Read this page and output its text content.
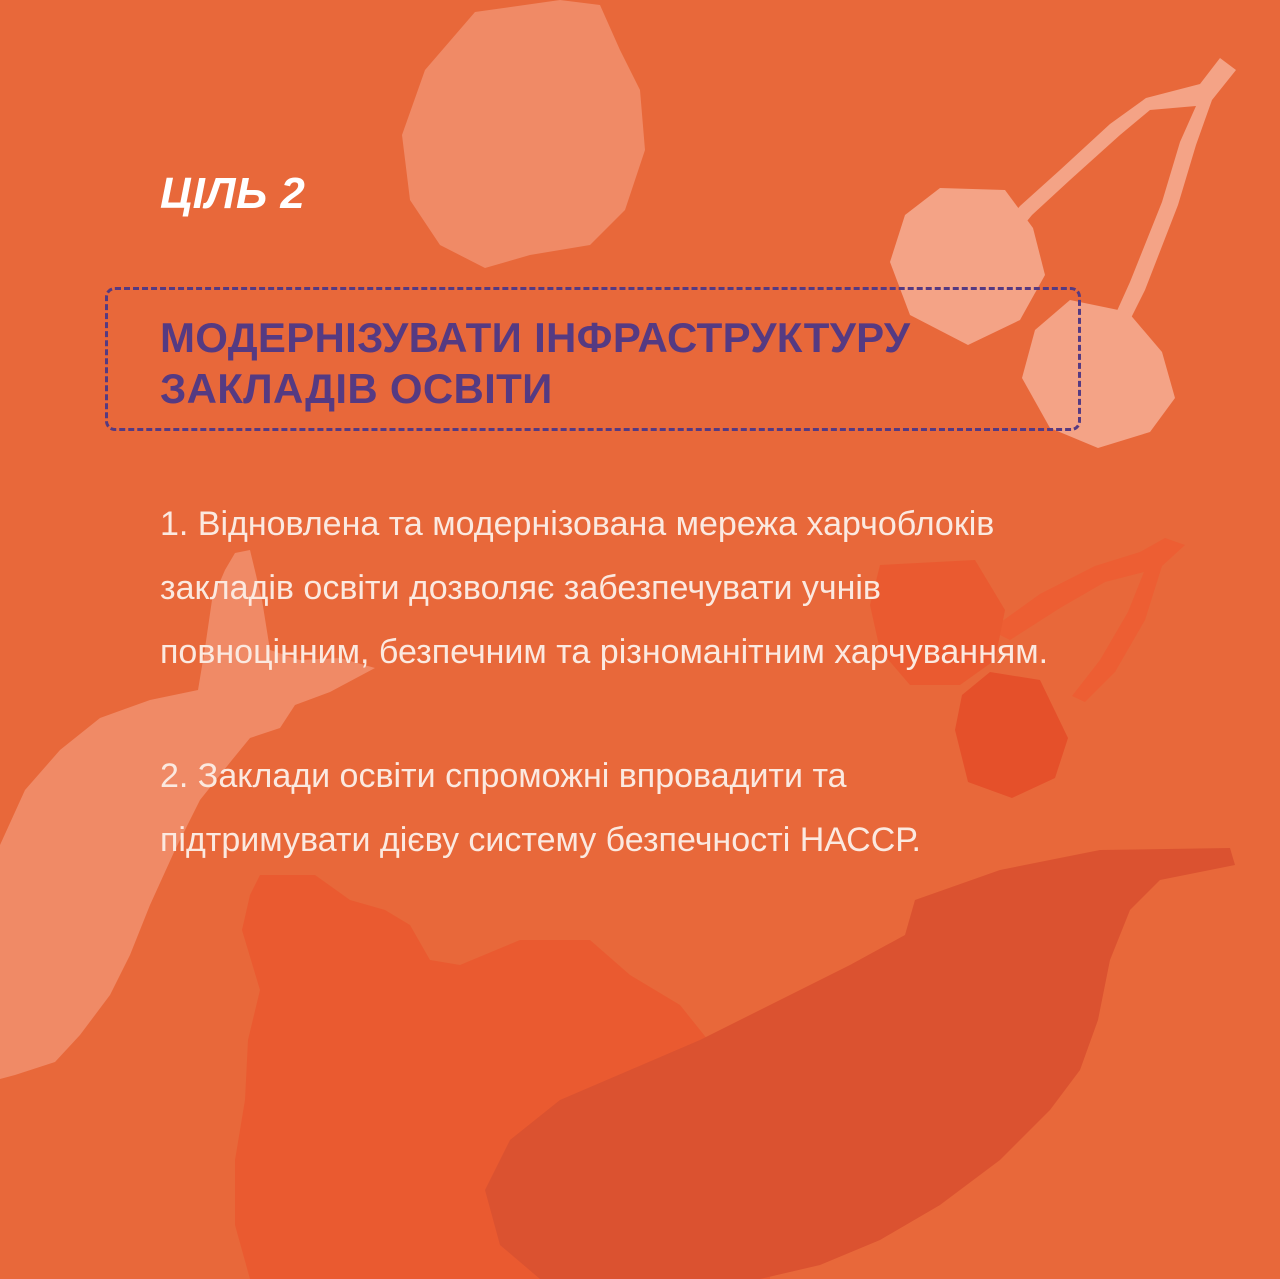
ЦІЛЬ 2
МОДЕРНІЗУВАТИ ІНФРАСТРУКТУРУ
ЗАКЛАДІВ ОСВІТИ
1. Відновлена та модернізована мережа харчоблоків
закладів освіти дозволяє забезпечувати учнів
повноцінним, безпечним та різноманітним харчуванням.
2. Заклади освіти спроможні впровадити та
підтримувати дієву систему безпечності НАССР.
